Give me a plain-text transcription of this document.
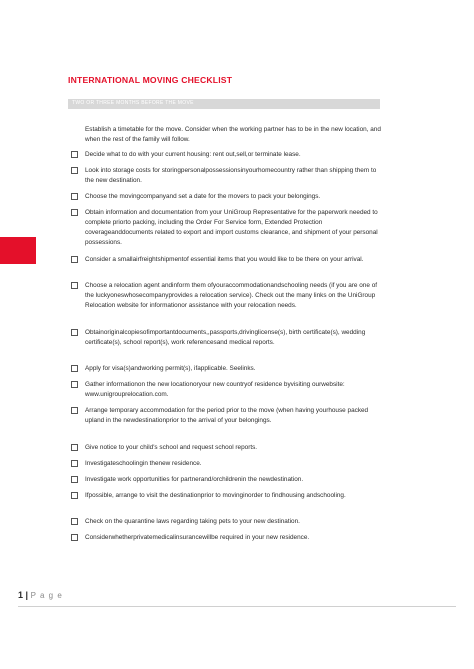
INTERNATIONAL MOVING CHECKLIST
TWO OR THREE MONTHS BEFORE THE MOVE

Establish a timetable for the move. Consider when the working partner has to be in the new location, and when the rest of the family will follow.

Decide what to do with your current housing: rent out,sell,or terminate lease.

Look into storage costs for storingpersonalpossessionsinyourhomecountry rather than shipping them to the new destination.

Choose the movingcompanyand set a date for the movers to pack your belongings.

Obtain information and documentation from your UniGroup Representative for the paperwork needed to complete priorto packing, including the Order For Service form, Extended Protection coverageanddocuments related to export and import customs clearance, and shipment of your personal possessions.

Consider a smallairfreightshipmentof essential items that you would like to be there on your arrival.

Choose a relocation agent andinform them ofyouraccommodationandschooling needs (if you are one of the luckyoneswhosecompanyprovides a relocation service). Check out the many links on the UniGroup Relocation website for informationor assistance with your relocation needs.

Obtainoriginalcopiesofimportantdocuments,,passports,drivinglicense(s), birth certificate(s), wedding certificate(s), school report(s), work referencesand medical reports.

Apply for visa(s)andworking permit(s), ifapplicable. Seelinks.

Gather informationon the new locationoryour new countryof residence byvisiting ourwebsite: www.unigrouprelocation.com.

Arrange temporary accommodation for the period prior to the move (when having yourhouse packed upland in the newdestinationprior to the arrival of your belongings.

Give notice to your child's school and request school reports.

Investigateschoolingin thenew residence.

Investigate work opportunities for partnerand/orchildrenin the newdestination.

Ifpossible, arrange to visit the destinationprior to movinginorder to findhousing andschooling.

Check on the quarantine laws regarding taking pets to your new destination.

Considerwhetherprivatemedicalinsurancewillbe required in your new residence.

1 | P a g e
